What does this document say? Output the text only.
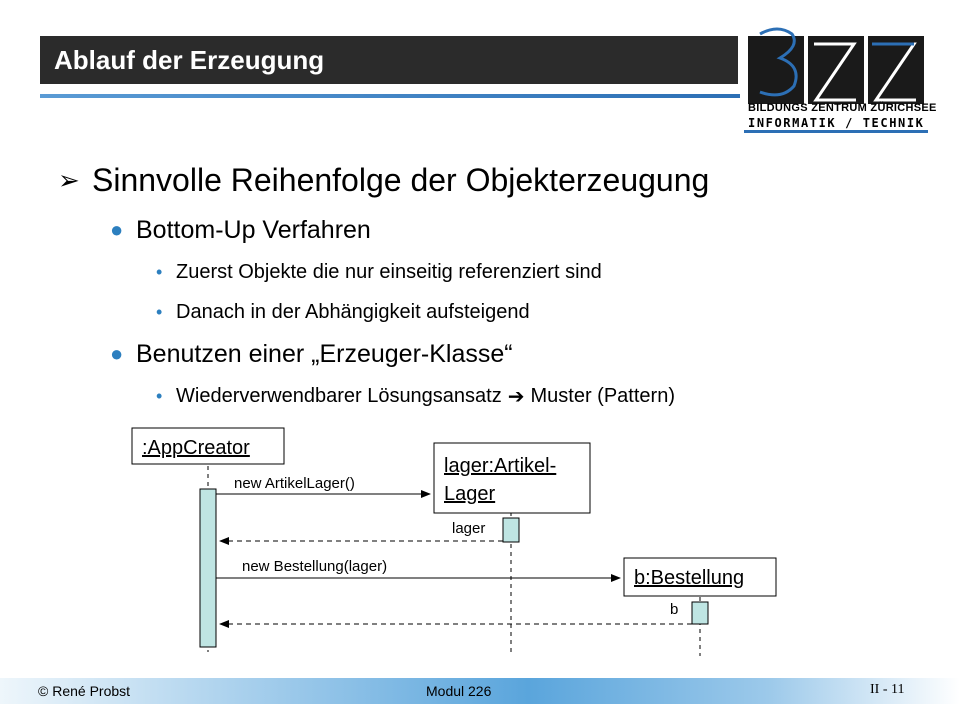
Ablauf der Erzeugung
BILDUNGS ZENTRUM ZÜRICHSEE
INFORMATIK / TECHNIK
➢ Sinnvolle Reihenfolge der Objekterzeugung
● Bottom-Up Verfahren
• Zuerst Objekte die nur einseitig referenziert sind
• Danach in der Abhängigkeit aufsteigend
● Benutzen einer „Erzeuger-Klasse“
• Wiederverwendbarer Lösungsansatz ➔ Muster (Pattern)
:AppCreator
lager:Artikel-
Lager
b:Bestellung
new ArtikelLager()
lager
new Bestellung(lager)
b
© René Probst	Modul 226	II - 11
